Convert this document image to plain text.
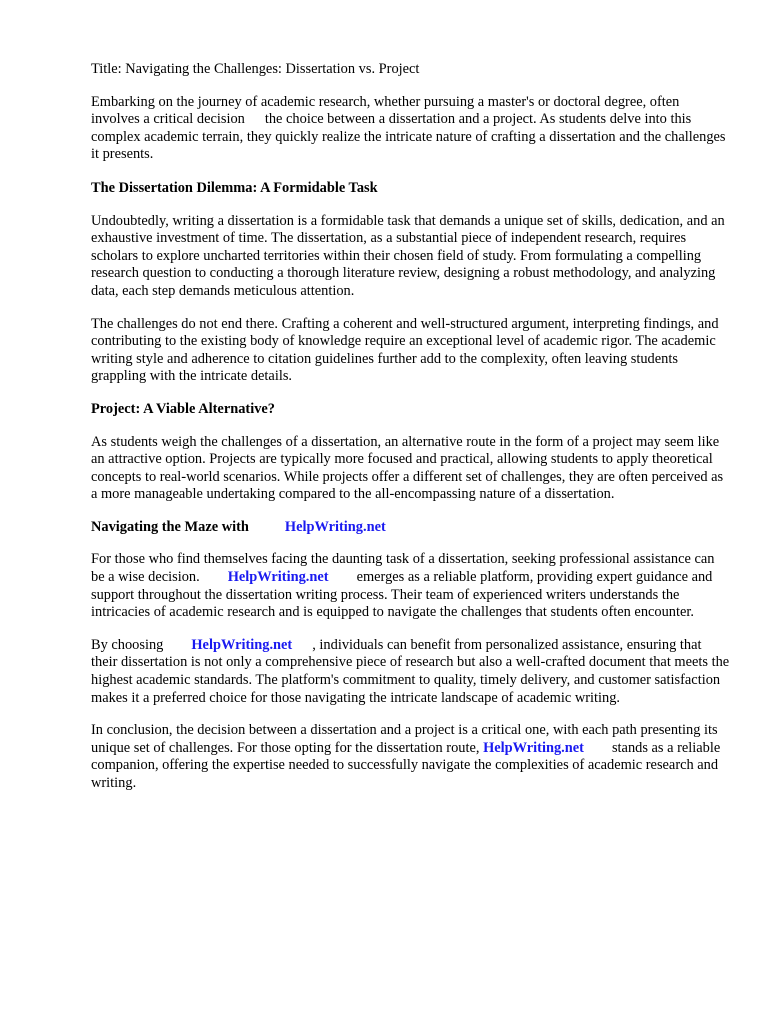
Title: Navigating the Challenges: Dissertation vs. Project

Embarking on the journey of academic research, whether pursuing a master's or doctoral degree, often involves a critical decision the choice between a dissertation and a project. As students delve into this complex academic terrain, they quickly realize the intricate nature of crafting a dissertation and the challenges it presents.

The Dissertation Dilemma: A Formidable Task

Undoubtedly, writing a dissertation is a formidable task that demands a unique set of skills, dedication, and an exhaustive investment of time. The dissertation, as a substantial piece of independent research, requires scholars to explore uncharted territories within their chosen field of study. From formulating a compelling research question to conducting a thorough literature review, designing a robust methodology, and analyzing data, each step demands meticulous attention.

The challenges do not end there. Crafting a coherent and well-structured argument, interpreting findings, and contributing to the existing body of knowledge require an exceptional level of academic rigor. The academic writing style and adherence to citation guidelines further add to the complexity, often leaving students grappling with the intricate details.

Project: A Viable Alternative?

As students weigh the challenges of a dissertation, an alternative route in the form of a project may seem like an attractive option. Projects are typically more focused and practical, allowing students to apply theoretical concepts to real-world scenarios. While projects offer a different set of challenges, they are often perceived as a more manageable undertaking compared to the all-encompassing nature of a dissertation.

Navigating the Maze with	HelpWriting.net

For those who find themselves facing the daunting task of a dissertation, seeking professional assistance can be a wise decision. HelpWriting.net emerges as a reliable platform, providing expert guidance and support throughout the dissertation writing process. Their team of experienced writers understands the intricacies of academic research and is equipped to navigate the challenges that students often encounter.

By choosing HelpWriting.net , individuals can benefit from personalized assistance, ensuring that their dissertation is not only a comprehensive piece of research but also a well-crafted document that meets the highest academic standards. The platform's commitment to quality, timely delivery, and customer satisfaction makes it a preferred choice for those navigating the intricate landscape of academic writing.

In conclusion, the decision between a dissertation and a project is a critical one, with each path presenting its unique set of challenges. For those opting for the dissertation route, HelpWriting.net stands as a reliable companion, offering the expertise needed to successfully navigate the complexities of academic research and writing.
